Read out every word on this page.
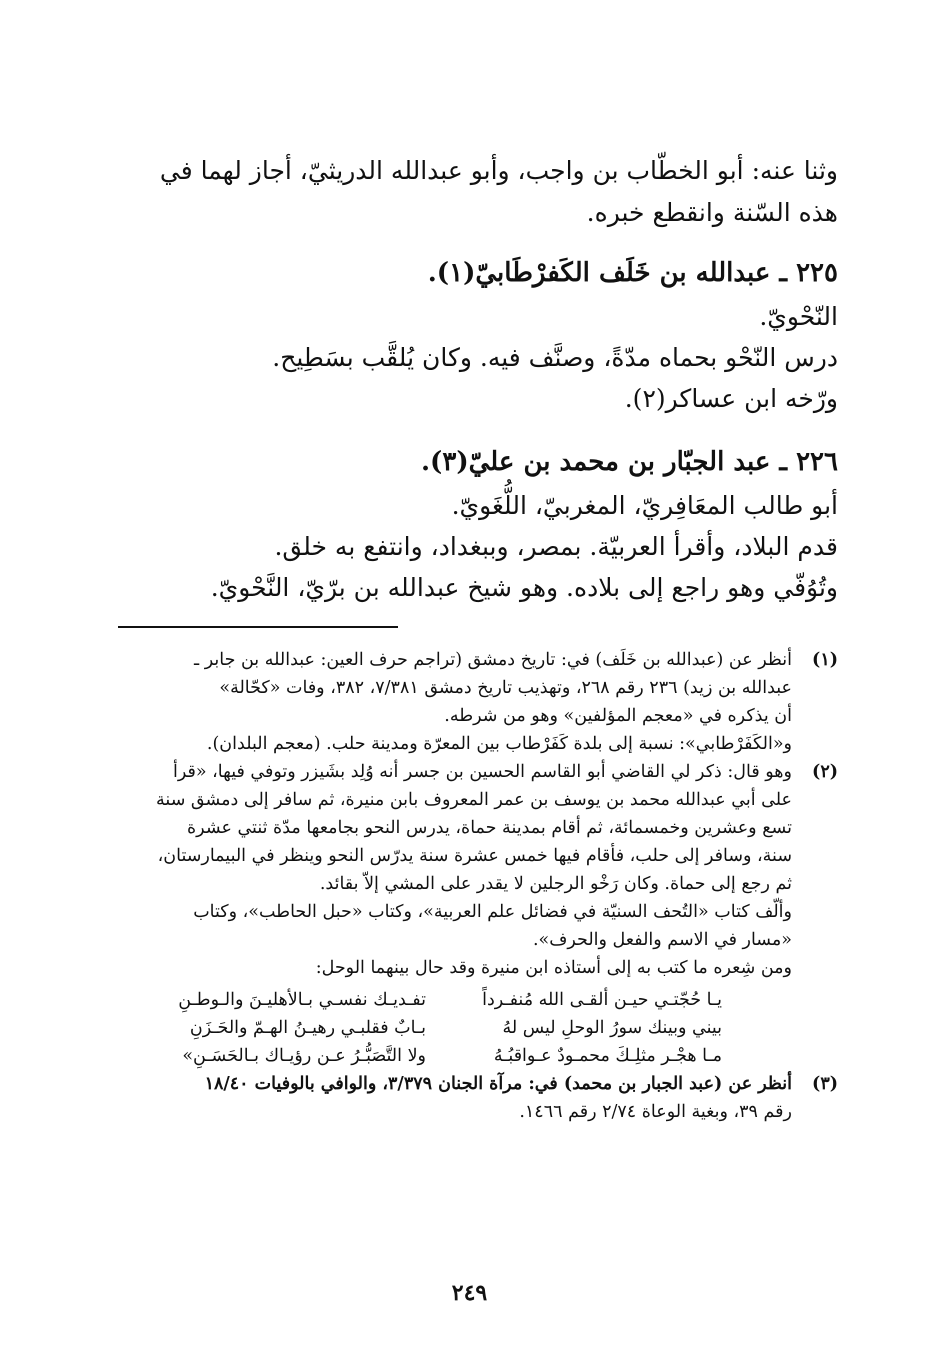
وثنا عنه: أبو الخطّاب بن واجب، وأبو عبدالله الدريثيّ، أجاز لهما في

هذه السّنة وانقطع خبره.

٢٢٥ ـ عبدالله بن خَلَف الكَفرْطَابيّ(١).

النّحْويّ.

درس النّحْو بحماه مدّةً، وصنَّف فيه. وكان يُلقَّب بسَطِيح.

ورّخه ابن عساكر(٢).

٢٢٦ ـ عبد الجبّار بن محمد بن عليّ(٣).

أبو طالب المعَافِريّ، المغربيّ، اللُّغَويّ.

قدم البلاد، وأقرأ العربيّة. بمصر، وببغداد، وانتفع به خلق.

وتُوُفّي وهو راجع إلى بلاده. وهو شيخ عبدالله بن برّيّ، النَّحْويّ.

(١)

أنظر عن (عبدالله بن خَلَف) في: تاريخ دمشق (تراجم حرف العين: عبدالله بن جابر ـ

عبدالله بن زيد) ٢٣٦ رقم ٢٦٨، وتهذيب تاريخ دمشق ٧/٣٨١، ٣٨٢، وفات «كحّالة»

أن يذكره في «معجم المؤلفين» وهو من شرطه.

و«الكَفَرْطابي»: نسبة إلى بلدة كَفَرْطاب بين المعرّة ومدينة حلب. (معجم البلدان).

(٢)

وهو قال: ذكر لي القاضي أبو القاسم الحسين بن جسر أنه وُلِد بشَيزر وتوفي فيها، «قرأ

على أبي عبدالله محمد بن يوسف بن عمر المعروف بابن منيرة، ثم سافر إلى دمشق سنة

تسع وعشرين وخمسمائة، ثم أقام بمدينة حماة، يدرس النحو بجامعها مدّة ثنتي عشرة

سنة، وسافر إلى حلب، فأقام فيها خمس عشرة سنة يدرّس النحو وينظر في البيمارستان،

ثم رجع إلى حماة. وكان رَخْو الرجلين لا يقدر على المشي إلاّ بقائد.

وألّف كتاب «التُحف السنيّة في فضائل علم العربية»، وكتاب «حبل الحاطب»، وكتاب

«مسار في الاسم والفعل والحرف».

ومن شِعره ما كتب به إلى أستاذه ابن منيرة وقد حال بينهما الوحل:

يـا حُجّتـي حيـن ألقـى الله مُنفـرداً
تفـديـك نفسـي بـالأهليـنَ والـوطـنِ
بيني وبينك سورُ الوحلِ ليس لهُ
بـابٌ فقلبـي رهيـنُ الهـمّ والحَـزَنِ
مـا هجْـر مثلِـكَ محمـودٌ عـواقبُـهُ
ولا التَّصَبُّـرُ عـن رؤيـاك بـالحَسَـنِ»
(٣)

أنظر عن (عبد الجبار بن محمد) في: مرآة الجنان ٣/٣٧٩، والوافي بالوفيات ١٨/٤٠

رقم ٣٩، وبغية الوعاة ٢/٧٤ رقم ١٤٦٦.

٢٤٩
